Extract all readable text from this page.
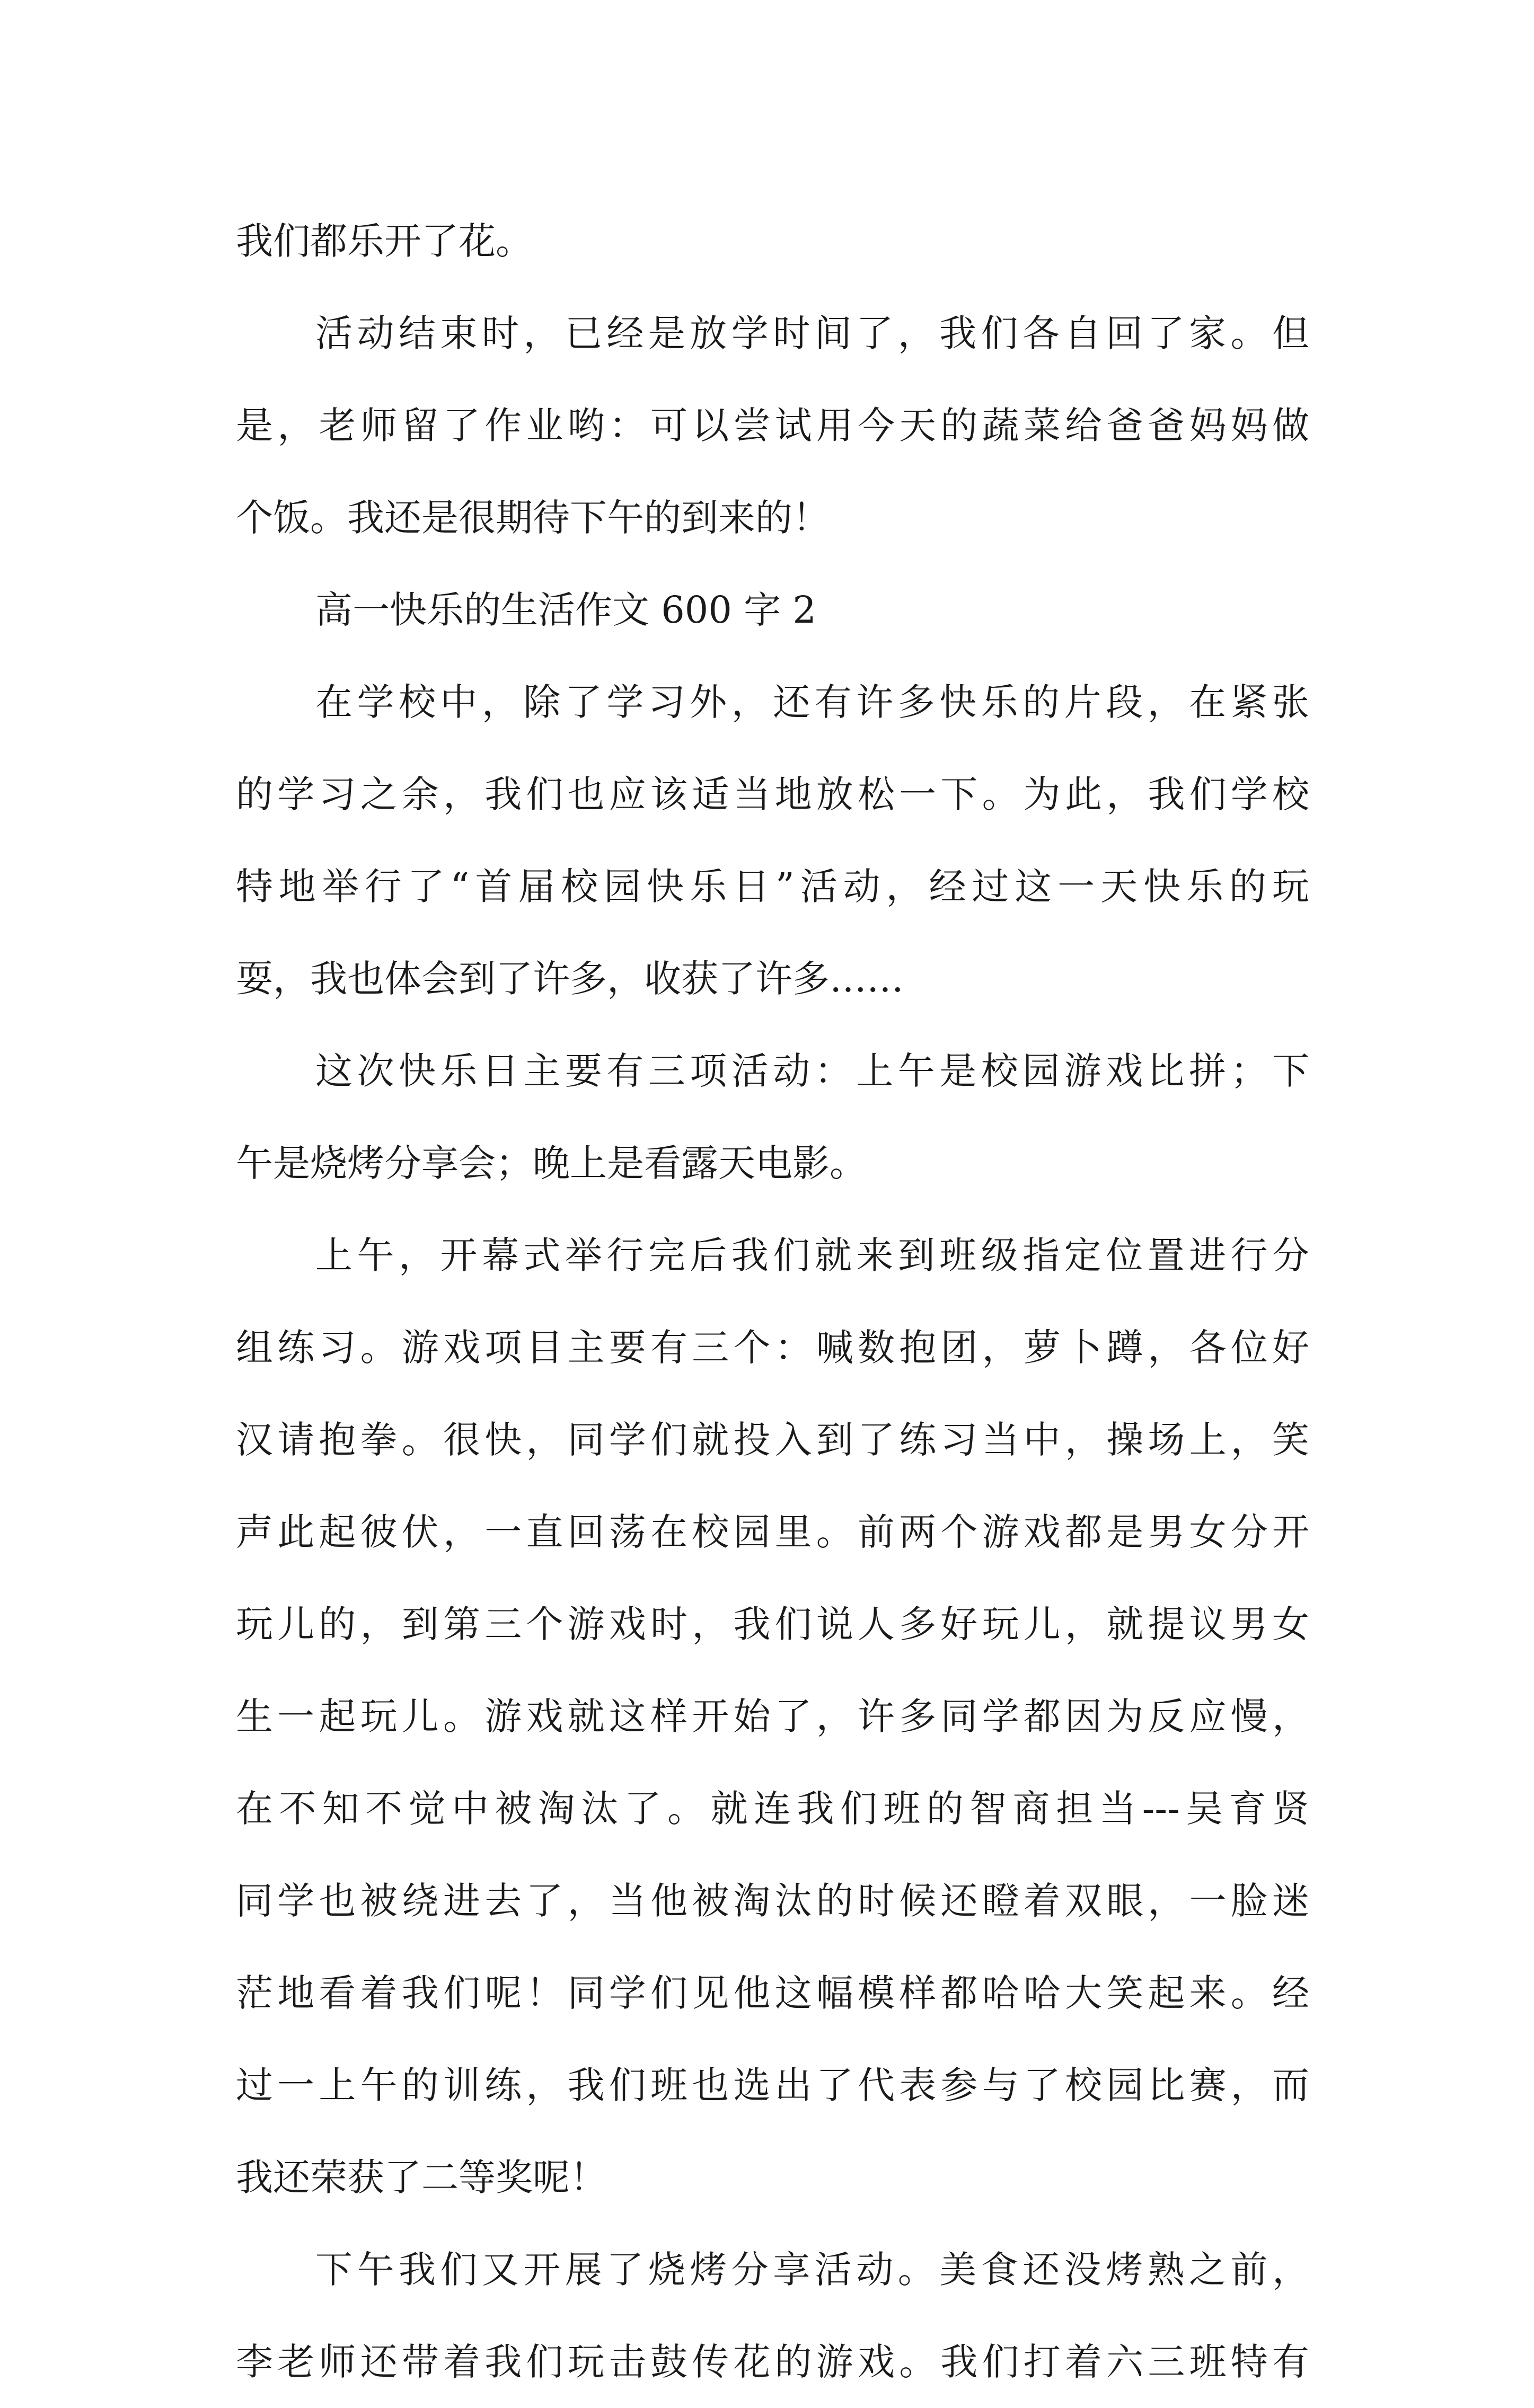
我们都乐开了花。
活动结束时，已经是放学时间了，我们各自回了家。但
是，老师留了作业哟：可以尝试用今天的蔬菜给爸爸妈妈做
个饭。我还是很期待下午的到来的！
高一快乐的生活作文 600 字 2
在学校中，除了学习外，还有许多快乐的片段，在紧张
的学习之余，我们也应该适当地放松一下。为此，我们学校
特地举行了“首届校园快乐日”活动，经过这一天快乐的玩
耍，我也体会到了许多，收获了许多……
这次快乐日主要有三项活动：上午是校园游戏比拼；下
午是烧烤分享会；晚上是看露天电影。
上午，开幕式举行完后我们就来到班级指定位置进行分
组练习。游戏项目主要有三个：喊数抱团，萝卜蹲，各位好
汉请抱拳。很快，同学们就投入到了练习当中，操场上，笑
声此起彼伏，一直回荡在校园里。前两个游戏都是男女分开
玩儿的，到第三个游戏时，我们说人多好玩儿，就提议男女
生一起玩儿。游戏就这样开始了，许多同学都因为反应慢，
在不知不觉中被淘汰了。就连我们班的智商担当---吴育贤
同学也被绕进去了，当他被淘汰的时候还瞪着双眼，一脸迷
茫地看着我们呢！同学们见他这幅模样都哈哈大笑起来。经
过一上午的训练，我们班也选出了代表参与了校园比赛，而
我还荣获了二等奖呢！
下午我们又开展了烧烤分享活动。美食还没烤熟之前，
李老师还带着我们玩击鼓传花的游戏。我们打着六三班特有
